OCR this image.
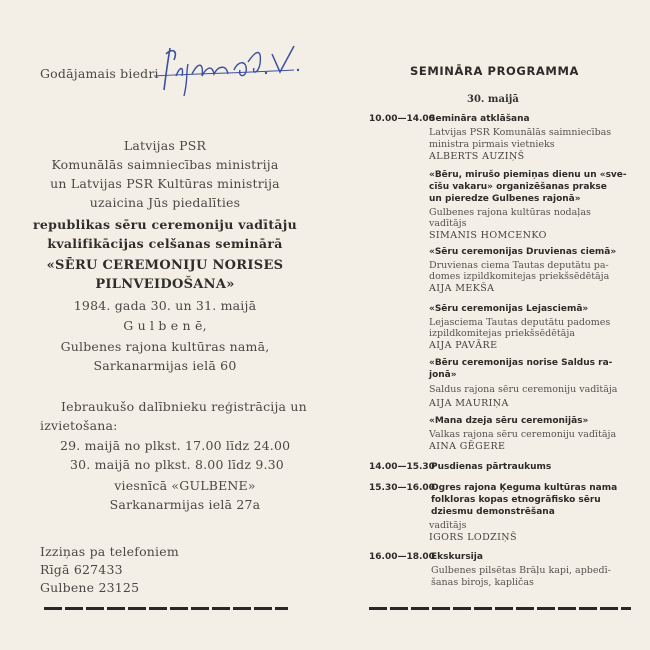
Godājamais biedri
Latvijas PSR
Komunālās saimniecības ministrija
un Latvijas PSR Kultūras ministrija
uzaicina Jūs piedalīties
republikas sēru ceremoniju vadītāju
kvalifikācijas celšanas seminārā
«SĒRU CEREMONIJU NORISES
PILNVEIDOŠANA»
1984. gada 30. un 31. maijā
G u l b e n ē,
Gulbenes rajona kultūras namā,
Sarkanarmijas ielā 60
Iebraukušo dalībnieku reģistrācija un
izvietošana:
29. maijā no plkst. 17.00 līdz 24.00
30. maijā no plkst. 8.00 līdz 9.30
viesnīcā «GULBENE»
Sarkanarmijas ielā 27a
Izziņas pa telefoniem
Rīgā 627433
Gulbene 23125
SEMINĀRA PROGRAMMA
30. maijā
10.00—14.00
Semināra atklāšana
Latvijas PSR Komunālās saimniecības
ministra pirmais vietnieks
ALBERTS AUZIŅŠ
«Bēru, mirušo piemiņas dienu un «sve-
cīšu vakaru» organizēšanas prakse
un pieredze Gulbenes rajonā»
Gulbenes rajona kultūras nodaļas
vadītājs
SIMANIS HOMCENKO
«Sēru ceremonijas Druvienas ciemā»
Druvienas ciema Tautas deputātu pa-
domes izpildkomitejas priekšsēdētāja
AIJA MEKŠA
«Sēru ceremonijas Lejasciemā»
Lejasciema Tautas deputātu padomes
izpildkomitejas priekšsēdētāja
AIJA PAVĀRE
«Bēru ceremonijas norise Saldus ra-
jonā»
Saldus rajona sēru ceremoniju vadītāja
AIJA MAURIŅA
«Mana dzeja sēru ceremonijās»
Valkas rajona sēru ceremoniju vadītāja
AINA GĒGERE
14.00—15.30
Pusdienas pārtraukums
15.30—16.00
Ogres rajona Ķeguma kultūras nama
folkloras kopas etnogrāfisko sēru
dziesmu demonstrēšana
vadītājs
IGORS LODZIŅŠ
16.00—18.00
Ekskursija
Gulbenes pilsētas Brāļu kapi, apbedī-
šanas birojs, kapličas
